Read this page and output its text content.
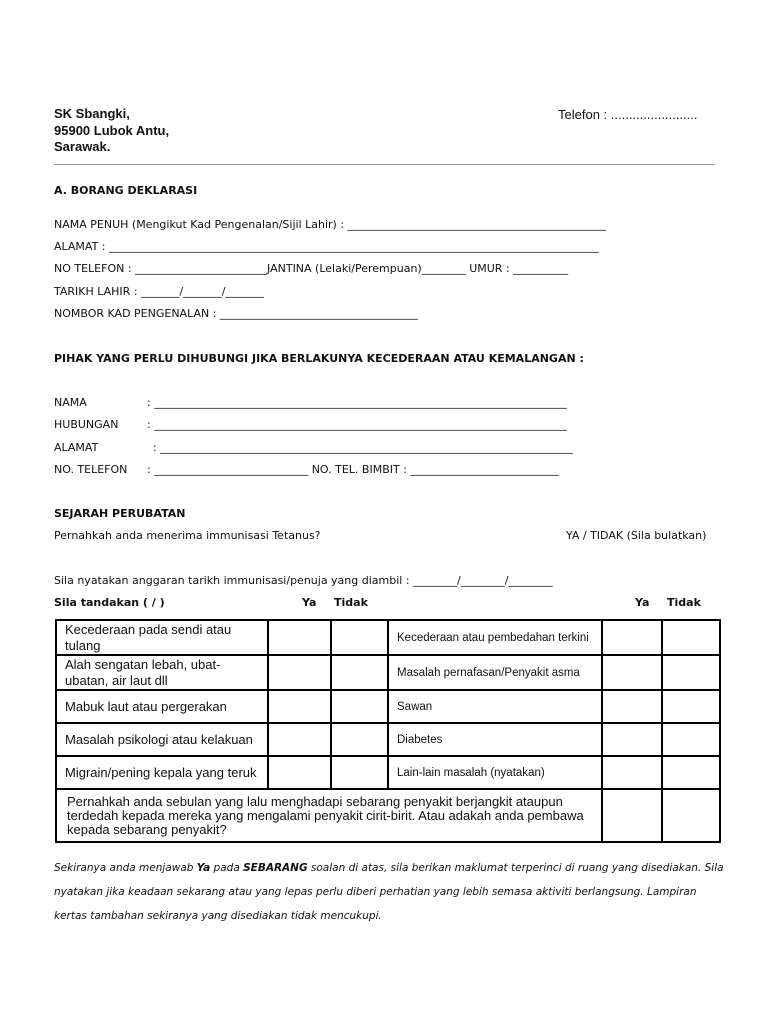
SK Sbangki,
95900 Lubok Antu,
Sarawak.
Telefon : ........................
A. BORANG DEKLARASI
NAMA PENUH (Mengikut Kad Pengenalan/Sijil Lahir) : _______________________________________________
ALAMAT : _________________________________________________________________________________________
NO TELEFON : ________________________JANTINA (Lelaki/Perempuan)________ UMUR : __________
TARIKH LAHIR : _______/_______/_______
NOMBOR KAD PENGENALAN : ____________________________________
PIHAK YANG PERLU DIHUBUNGI JIKA BERLAKUNYA KECEDERAAN ATAU KEMALANGAN :
NAMA	: ___________________________________________________________________________
HUBUNGAN	: ___________________________________________________________________________
ALAMAT	: ___________________________________________________________________________
NO. TELEFON : ____________________________ NO. TEL. BIMBIT : ___________________________
SEJARAH PERUBATAN
Pernahkah anda menerima immunisasi Tetanus?	YA / TIDAK (Sila bulatkan)
Sila nyatakan anggaran tarikh immunisasi/penuja yang diambil : ________/________/________
Sila tandakan ( / )	Ya Tidak	Ya Tidak
Kecederaan pada sendi atau tulang			Kecederaan atau pembedahan terkini		
Alah sengatan lebah, ubat-ubatan, air laut dll			Masalah pernafasan/Penyakit asma		
Mabuk laut atau pergerakan			Sawan		
Masalah psikologi atau kelakuan			Diabetes		
Migrain/pening kepala yang teruk			Lain-lain masalah (nyatakan)		
Pernahkah anda sebulan yang lalu menghadapi sebarang penyakit berjangkit ataupun terdedah kepada mereka yang mengalami penyakit cirit-birit. Atau adakah anda pembawa kepada sebarang penyakit?					
Sekiranya anda menjawab Ya pada SEBARANG soalan di atas, sila berikan maklumat terperinci di ruang yang disediakan. Sila nyatakan jika keadaan sekarang atau yang lepas perlu diberi perhatian yang lebih semasa aktiviti berlangsung. Lampiran kertas tambahan sekiranya yang disediakan tidak mencukupi.
